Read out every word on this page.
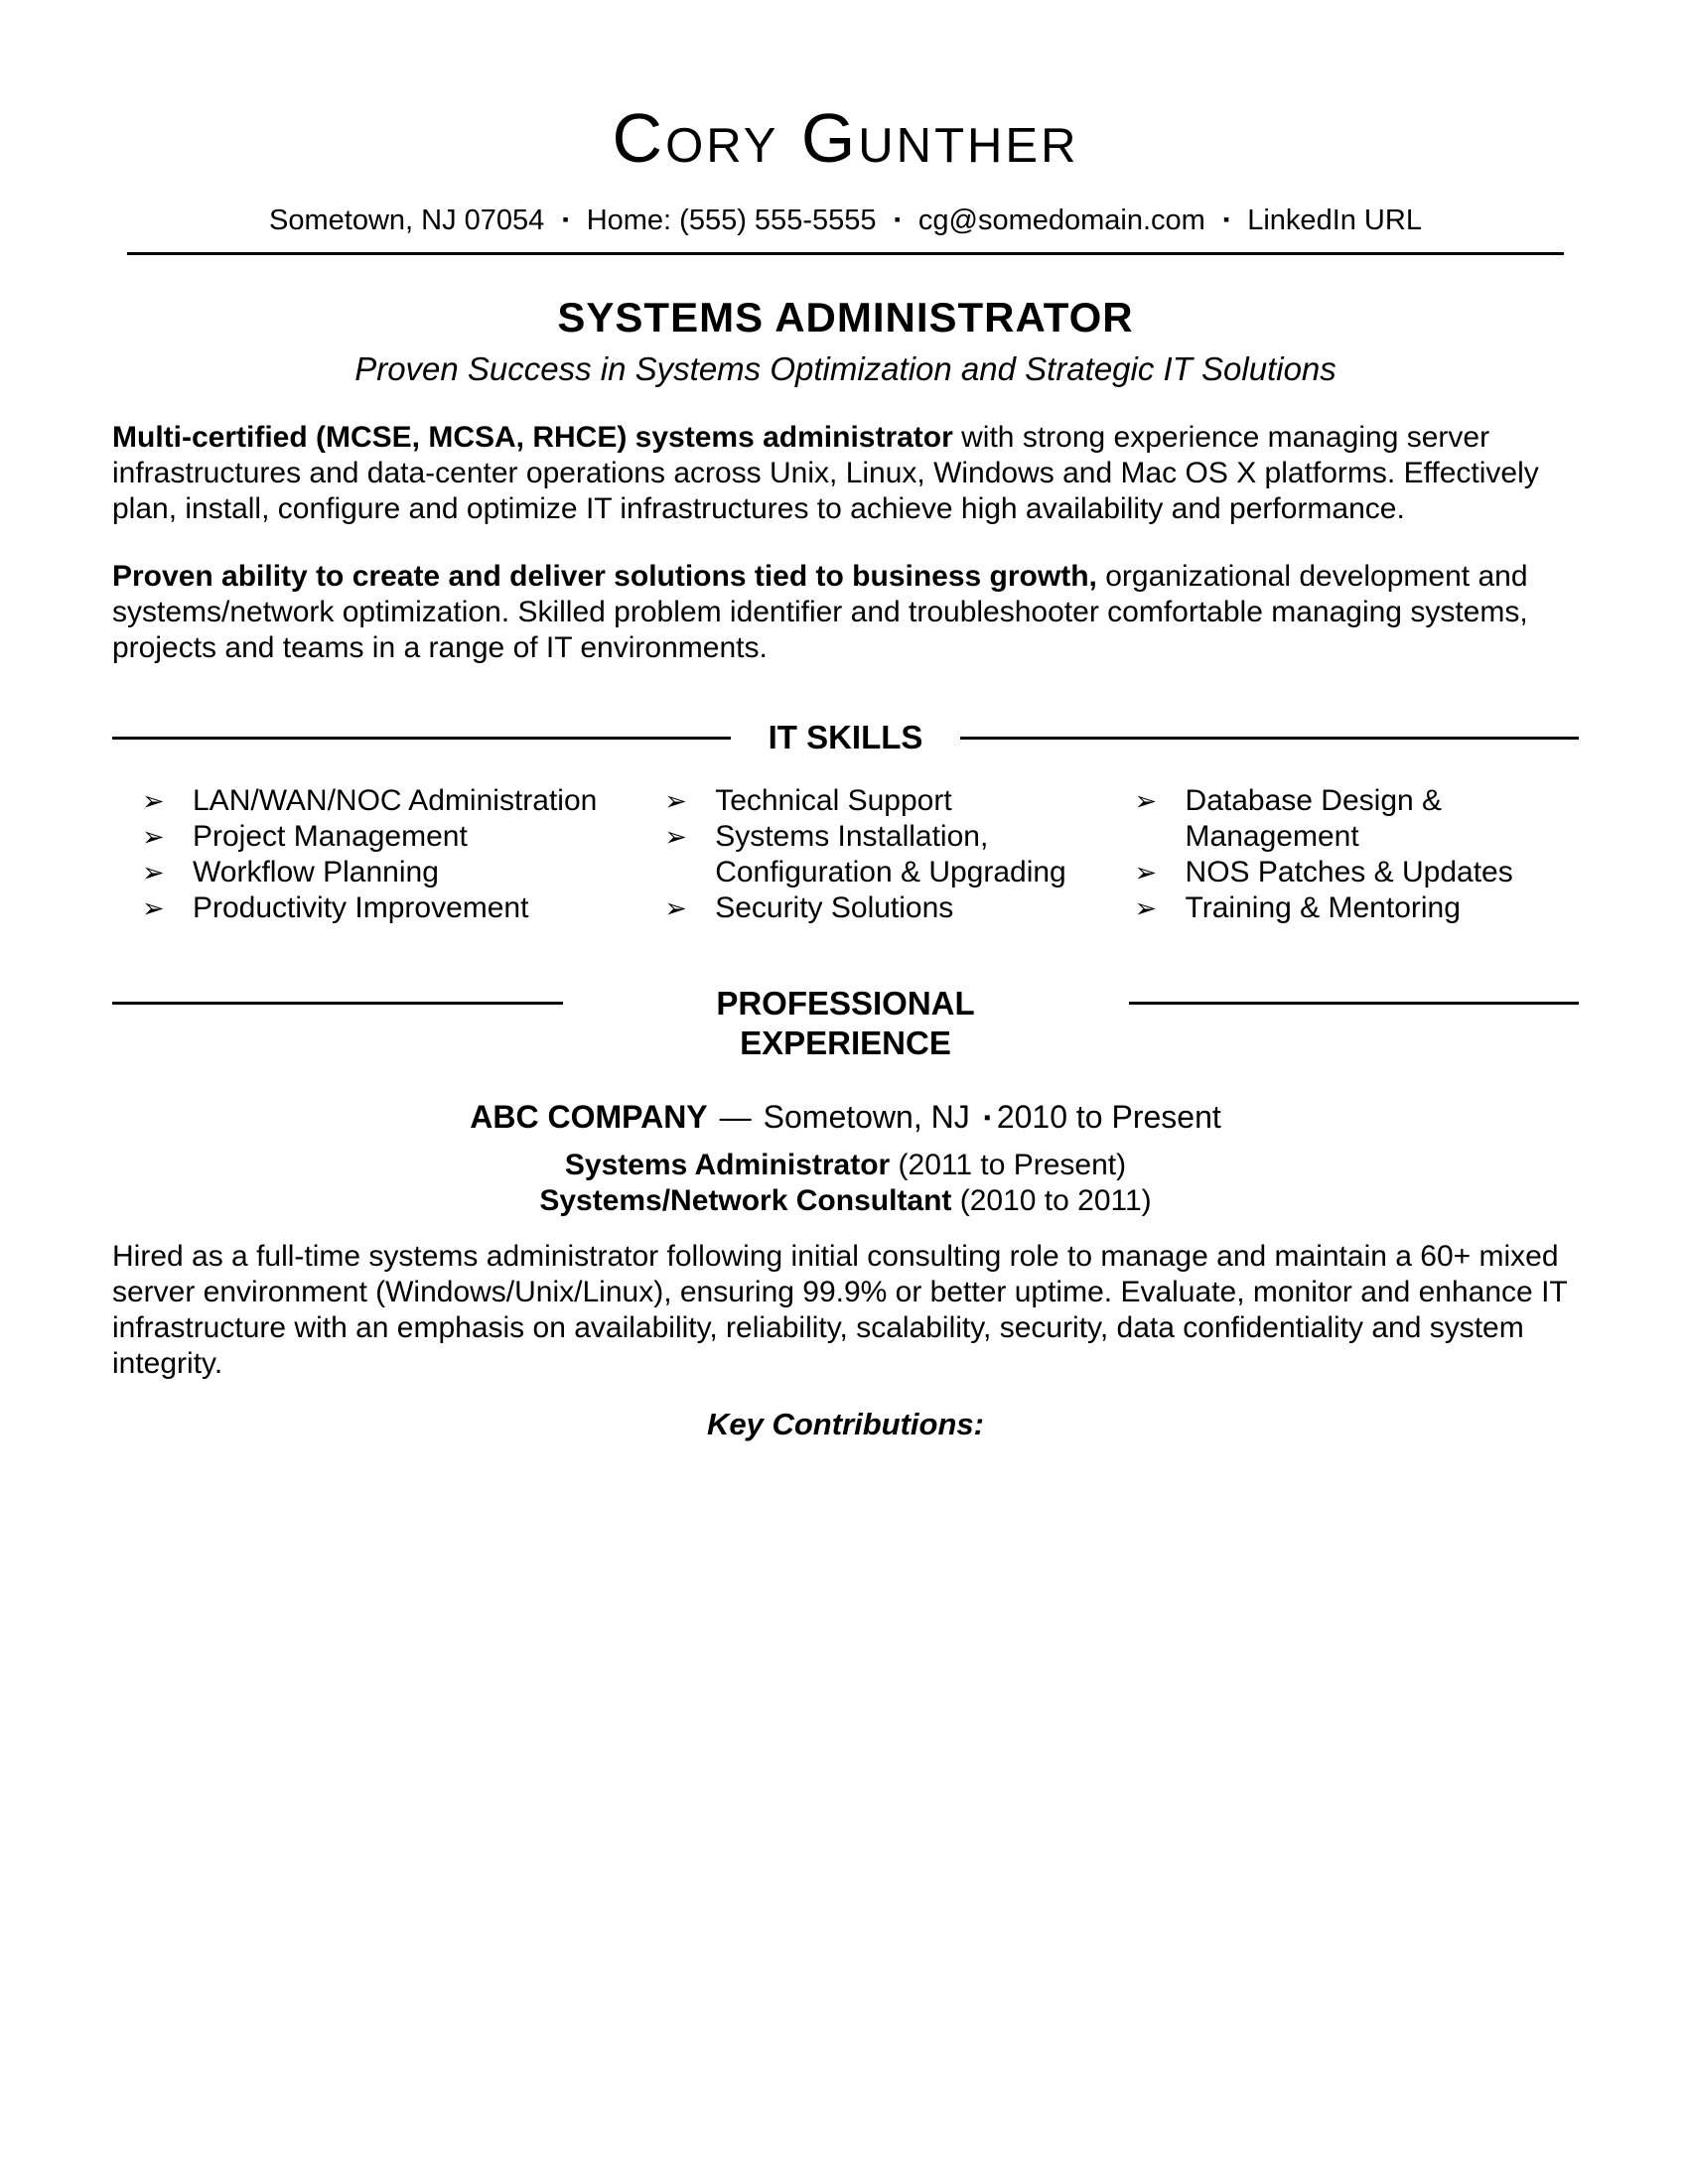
Cory Gunther
Sometown, NJ 07054 ▪ Home: (555) 555-5555 ▪ cg@somedomain.com ▪ LinkedIn URL
SYSTEMS ADMINISTRATOR
Proven Success in Systems Optimization and Strategic IT Solutions
Multi-certified (MCSE, MCSA, RHCE) systems administrator with strong experience managing server infrastructures and data-center operations across Unix, Linux, Windows and Mac OS X platforms. Effectively plan, install, configure and optimize IT infrastructures to achieve high availability and performance.
Proven ability to create and deliver solutions tied to business growth, organizational development and systems/network optimization. Skilled problem identifier and troubleshooter comfortable managing systems, projects and teams in a range of IT environments.
IT SKILLS
➢ LAN/WAN/NOC Administration
➢ Project Management
➢ Workflow Planning
➢ Productivity Improvement
➢ Technical Support
➢ Systems Installation, Configuration & Upgrading
➢ Security Solutions
➢ Database Design & Management
➢ NOS Patches & Updates
➢ Training & Mentoring
PROFESSIONAL EXPERIENCE
ABC COMPANY — Sometown, NJ ▪ 2010 to Present
Systems Administrator (2011 to Present)
Systems/Network Consultant (2010 to 2011)
Hired as a full-time systems administrator following initial consulting role to manage and maintain a 60+ mixed server environment (Windows/Unix/Linux), ensuring 99.9% or better uptime. Evaluate, monitor and enhance IT infrastructure with an emphasis on availability, reliability, scalability, security, data confidentiality and system integrity.
Key Contributions:
